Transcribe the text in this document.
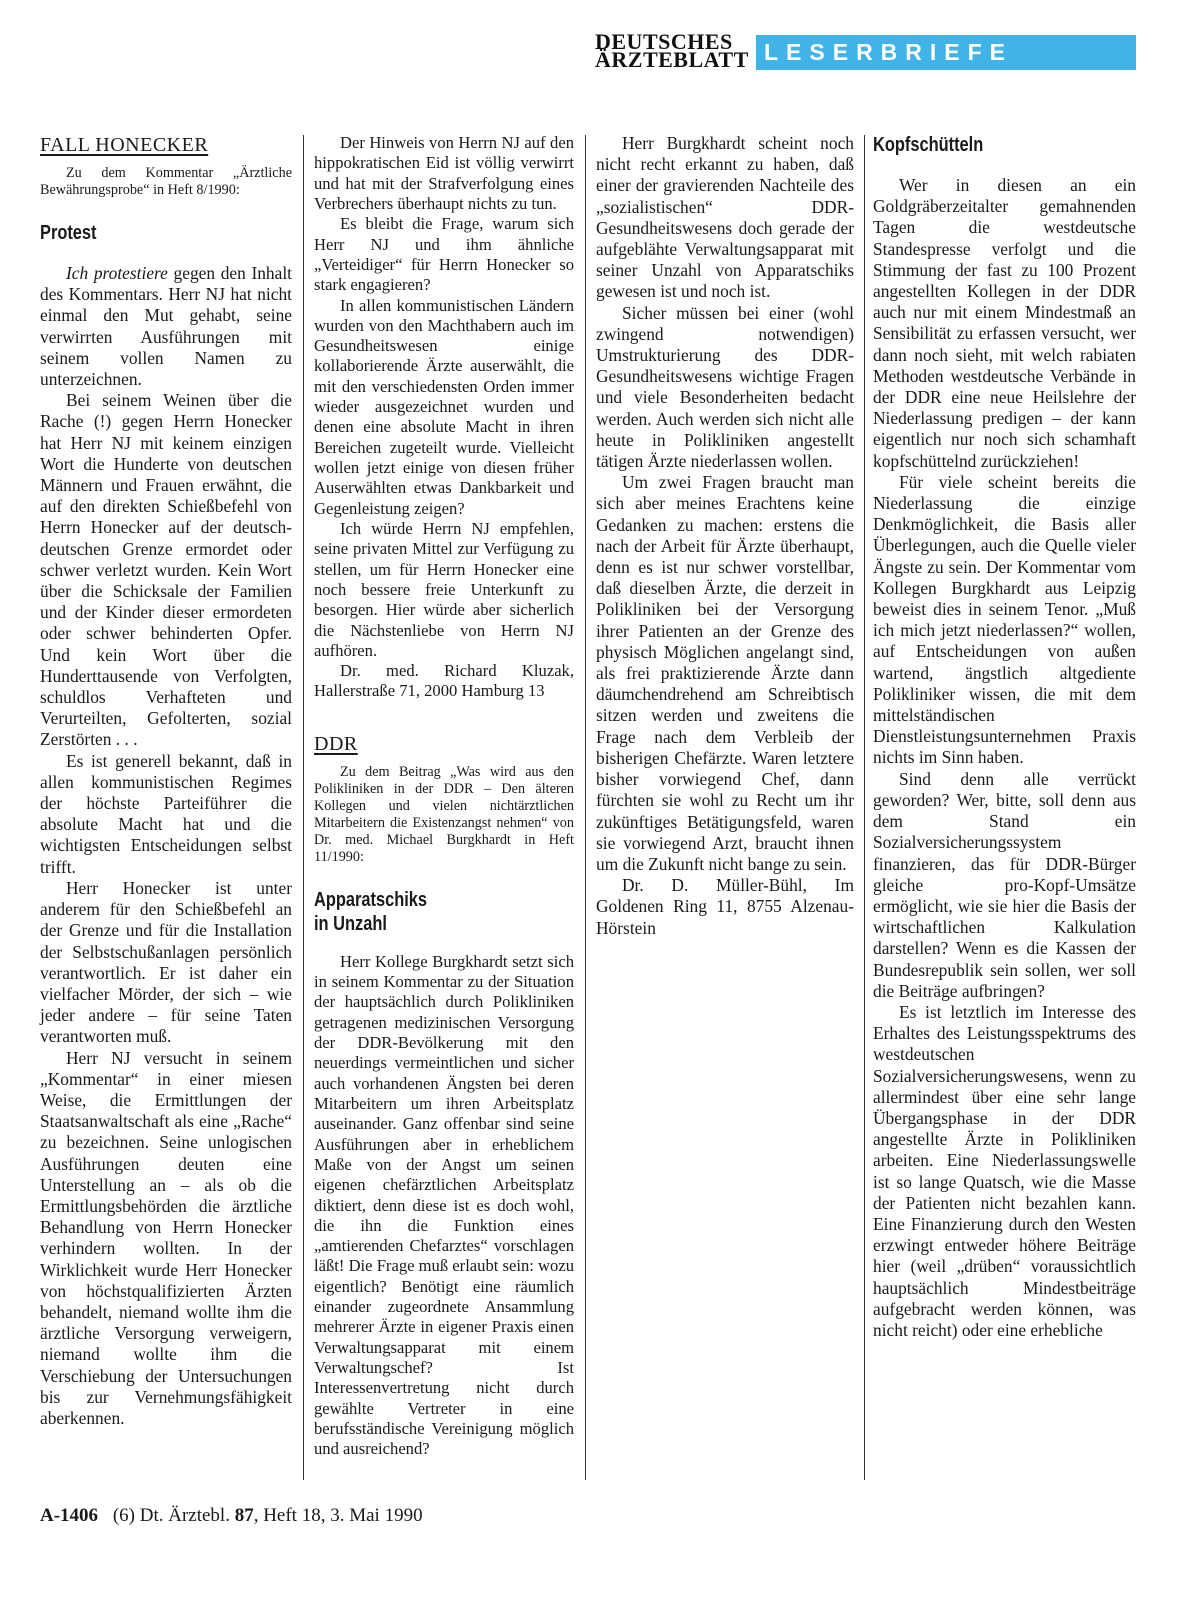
DEUTSCHES
ÄRZTEBLATT LESERBRIEFE

FALL HONECKER

Zu dem Kommentar „Ärztliche Bewährungsprobe“ in Heft 8/1990:

Protest

Ich protestiere gegen den Inhalt des Kommentars. Herr NJ hat nicht einmal den Mut gehabt, seine verwirrten Ausführungen mit seinem vollen Namen zu unterzeichnen.

Bei seinem Weinen über die Rache (!) gegen Herrn Honecker hat Herr NJ mit keinem einzigen Wort die Hunderte von deutschen Männern und Frauen erwähnt, die auf den direkten Schießbefehl von Herrn Honecker auf der deutsch-deutschen Grenze ermordet oder schwer verletzt wurden. Kein Wort über die Schicksale der Familien und der Kinder dieser ermordeten oder schwer behinderten Opfer. Und kein Wort über die Hunderttausende von Verfolgten, schuldlos Verhafteten und Verurteilten, Gefolterten, sozial Zerstörten . . .

Es ist generell bekannt, daß in allen kommunistischen Regimes der höchste Parteiführer die absolute Macht hat und die wichtigsten Entscheidungen selbst trifft.

Herr Honecker ist unter anderem für den Schießbefehl an der Grenze und für die Installation der Selbstschußanlagen persönlich verantwortlich. Er ist daher ein vielfacher Mörder, der sich – wie jeder andere – für seine Taten verantworten muß.

Herr NJ versucht in seinem „Kommentar“ in einer miesen Weise, die Ermittlungen der Staatsanwaltschaft als eine „Rache“ zu bezeichnen. Seine unlogischen Ausführungen deuten eine Unterstellung an – als ob die Ermittlungsbehörden die ärztliche Behandlung von Herrn Honecker verhindern wollten. In der Wirklichkeit wurde Herr Honecker von höchstqualifizierten Ärzten behandelt, niemand wollte ihm die ärztliche Versorgung verweigern, niemand wollte ihm die Verschiebung der Untersuchungen bis zur Vernehmungsfähigkeit aberkennen.

Der Hinweis von Herrn NJ auf den hippokratischen Eid ist völlig verwirrt und hat mit der Strafverfolgung eines Verbrechers überhaupt nichts zu tun.

Es bleibt die Frage, warum sich Herr NJ und ihm ähnliche „Verteidiger“ für Herrn Honecker so stark engagieren?

In allen kommunistischen Ländern wurden von den Machthabern auch im Gesundheitswesen einige kollaborierende Ärzte auserwählt, die mit den verschiedensten Orden immer wieder ausgezeichnet wurden und denen eine absolute Macht in ihren Bereichen zugeteilt wurde. Vielleicht wollen jetzt einige von diesen früher Auserwählten etwas Dankbarkeit und Gegenleistung zeigen?

Ich würde Herrn NJ empfehlen, seine privaten Mittel zur Verfügung zu stellen, um für Herrn Honecker eine noch bessere freie Unterkunft zu besorgen. Hier würde aber sicherlich die Nächstenliebe von Herrn NJ aufhören.

Dr. med. Richard Kluzak, Hallerstraße 71, 2000 Hamburg 13

DDR

Zu dem Beitrag „Was wird aus den Polikliniken in der DDR – Den älteren Kollegen und vielen nichtärztlichen Mitarbeitern die Existenzangst nehmen“ von Dr. med. Michael Burgkhardt in Heft 11/1990:

Apparatschiks
in Unzahl

Herr Kollege Burgkhardt setzt sich in seinem Kommentar zu der Situation der hauptsächlich durch Polikliniken getragenen medizinischen Versorgung der DDR-Bevölkerung mit den neuerdings vermeintlichen und sicher auch vorhandenen Ängsten bei deren Mitarbeitern um ihren Arbeitsplatz auseinander. Ganz offenbar sind seine Ausführungen aber in erheblichem Maße von der Angst um seinen eigenen chefärztlichen Arbeitsplatz diktiert, denn diese ist es doch wohl, die ihn die Funktion eines „amtierenden Chefarztes“ vorschlagen läßt! Die Frage muß erlaubt sein: wozu eigentlich? Benötigt eine räumlich einander zugeordnete Ansammlung mehrerer Ärzte in eigener Praxis einen Verwaltungsapparat mit einem Verwaltungschef? Ist Interessenvertretung nicht durch gewählte Vertreter in eine berufsständische Vereinigung möglich und ausreichend?

Herr Burgkhardt scheint noch nicht recht erkannt zu haben, daß einer der gravierenden Nachteile des „sozialistischen“ DDR-Gesundheitswesens doch gerade der aufgeblähte Verwaltungsapparat mit seiner Unzahl von Apparatschiks gewesen ist und noch ist.

Sicher müssen bei einer (wohl zwingend notwendigen) Umstrukturierung des DDR-Gesundheitswesens wichtige Fragen und viele Besonderheiten bedacht werden. Auch werden sich nicht alle heute in Polikliniken angestellt tätigen Ärzte niederlassen wollen.

Um zwei Fragen braucht man sich aber meines Erachtens keine Gedanken zu machen: erstens die nach der Arbeit für Ärzte überhaupt, denn es ist nur schwer vorstellbar, daß dieselben Ärzte, die derzeit in Polikliniken bei der Versorgung ihrer Patienten an der Grenze des physisch Möglichen angelangt sind, als frei praktizierende Ärzte dann däumchendrehend am Schreibtisch sitzen werden und zweitens die Frage nach dem Verbleib der bisherigen Chefärzte. Waren letztere bisher vorwiegend Chef, dann fürchten sie wohl zu Recht um ihr zukünftiges Betätigungsfeld, waren sie vorwiegend Arzt, braucht ihnen um die Zukunft nicht bange zu sein.

Dr. D. Müller-Bühl, Im Goldenen Ring 11, 8755 Alzenau-Hörstein

Kopfschütteln

Wer in diesen an ein Goldgräberzeitalter gemahnenden Tagen die westdeutsche Standespresse verfolgt und die Stimmung der fast zu 100 Prozent angestellten Kollegen in der DDR auch nur mit einem Mindestmaß an Sensibilität zu erfassen versucht, wer dann noch sieht, mit welch rabiaten Methoden westdeutsche Verbände in der DDR eine neue Heilslehre der Niederlassung predigen – der kann eigentlich nur noch sich schamhaft kopfschüttelnd zurückziehen!

Für viele scheint bereits die Niederlassung die einzige Denkmöglichkeit, die Basis aller Überlegungen, auch die Quelle vieler Ängste zu sein. Der Kommentar vom Kollegen Burgkhardt aus Leipzig beweist dies in seinem Tenor. „Muß ich mich jetzt niederlassen?“ wollen, auf Entscheidungen von außen wartend, ängstlich altgediente Polikliniker wissen, die mit dem mittelständischen Dienstleistungsunternehmen Praxis nichts im Sinn haben.

Sind denn alle verrückt geworden? Wer, bitte, soll denn aus dem Stand ein Sozialversicherungssystem finanzieren, das für DDR-Bürger gleiche pro-Kopf-Umsätze ermöglicht, wie sie hier die Basis der wirtschaftlichen Kalkulation darstellen? Wenn es die Kassen der Bundesrepublik sein sollen, wer soll die Beiträge aufbringen?

Es ist letztlich im Interesse des Erhaltes des Leistungsspektrums des westdeutschen Sozialversicherungswesens, wenn zu allermindest über eine sehr lange Übergangsphase in der DDR angestellte Ärzte in Polikliniken arbeiten. Eine Niederlassungswelle ist so lange Quatsch, wie die Masse der Patienten nicht bezahlen kann. Eine Finanzierung durch den Westen erzwingt entweder höhere Beiträge hier (weil „drüben“ voraussichtlich hauptsächlich Mindestbeiträge aufgebracht werden können, was nicht reicht) oder eine erhebliche

A-1406 (6) Dt. Ärztebl. 87, Heft 18, 3. Mai 1990
